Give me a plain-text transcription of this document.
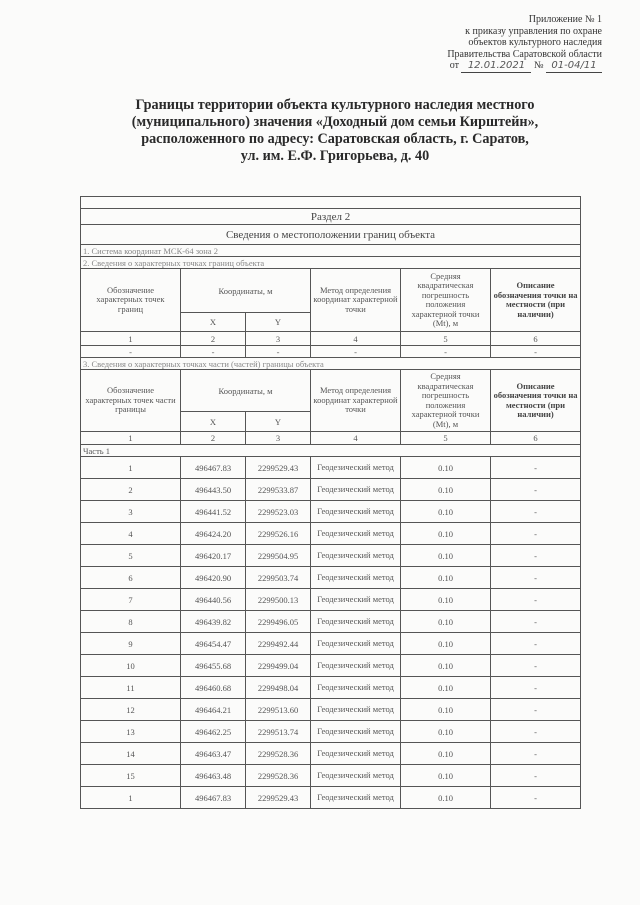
Приложение № 1
к приказу управления по охране
объектов культурного наследия
Правительства Саратовской области
от 12.01.2021 № 01-04/11
Границы территории объекта культурного наследия местного
(муниципального) значения «Доходный дом семьи Кирштейн»,
расположенного по адресу: Саратовская область, г. Саратов,
ул. им. Е.Ф. Григорьева, д. 40

Раздел 2					
Сведения о местоположении границ объекта					
1. Система координат МСК-64 зона 2					
2. Сведения о характерных точках границ объекта					
Обозначение характерных точек границ	Координаты, м		Метод определения координат характерной точки	Средняя квадратическая погрешность положения характерной точки (Mt), м	Описание обозначения точки на местности (при наличии)
	X	Y			
1	2	3	4	5	6
-	-	-	-	-	-
3. Сведения о характерных точках части (частей) границы объекта					
Обозначение характерных точек части границы	Координаты, м		Метод определения координат характерной точки	Средняя квадратическая погрешность положения характерной точки (Mt), м	Описание обозначения точки на местности (при наличии)
	X	Y			
1	2	3	4	5	6
Часть 1					
1	496467.83	2299529.43	Геодезический метод	0.10	-
2	496443.50	2299533.87	Геодезический метод	0.10	-
3	496441.52	2299523.03	Геодезический метод	0.10	-
4	496424.20	2299526.16	Геодезический метод	0.10	-
5	496420.17	2299504.95	Геодезический метод	0.10	-
6	496420.90	2299503.74	Геодезический метод	0.10	-
7	496440.56	2299500.13	Геодезический метод	0.10	-
8	496439.82	2299496.05	Геодезический метод	0.10	-
9	496454.47	2299492.44	Геодезический метод	0.10	-
10	496455.68	2299499.04	Геодезический метод	0.10	-
11	496460.68	2299498.04	Геодезический метод	0.10	-
12	496464.21	2299513.60	Геодезический метод	0.10	-
13	496462.25	2299513.74	Геодезический метод	0.10	-
14	496463.47	2299528.36	Геодезический метод	0.10	-
15	496463.48	2299528.36	Геодезический метод	0.10	-
1	496467.83	2299529.43	Геодезический метод	0.10	-
